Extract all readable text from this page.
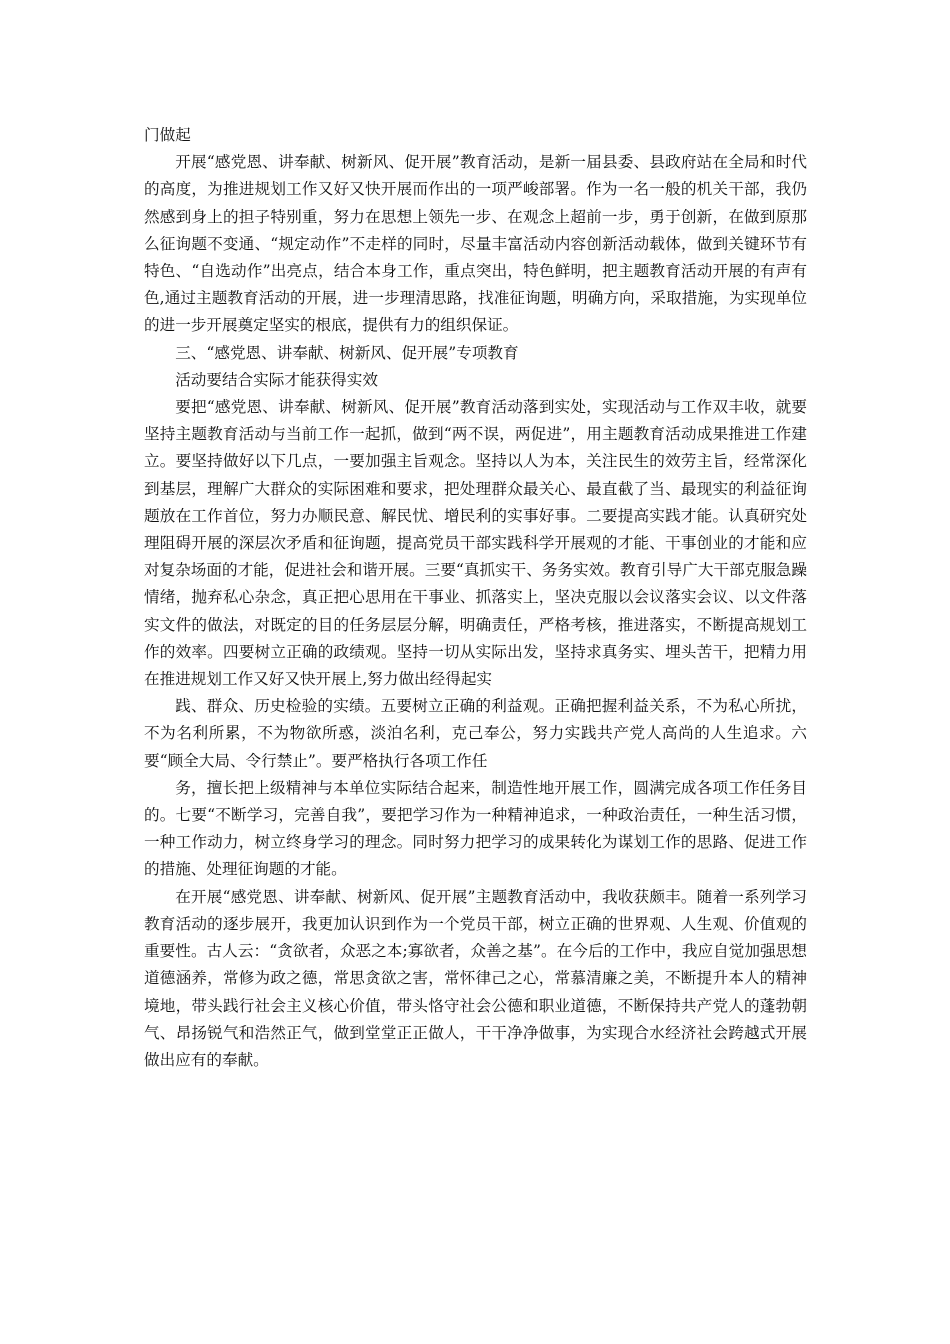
门做起

开展“感党恩、讲奉献、树新风、促开展”教育活动，是新一届县委、县政府站在全局和时代的高度，为推进规划工作又好又快开展而作出的一项严峻部署。作为一名一般的机关干部，我仍然感到身上的担子特别重，努力在思想上领先一步、在观念上超前一步，勇于创新，在做到原那么征询题不变通、“规定动作”不走样的同时，尽量丰富活动内容创新活动载体，做到关键环节有特色、“自选动作”出亮点，结合本身工作，重点突出，特色鲜明，把主题教育活动开展的有声有色,通过主题教育活动的开展，进一步理清思路，找准征询题，明确方向，采取措施，为实现单位的进一步开展奠定坚实的根底，提供有力的组织保证。

三、“感党恩、讲奉献、树新风、促开展”专项教育

活动要结合实际才能获得实效

要把“感党恩、讲奉献、树新风、促开展”教育活动落到实处，实现活动与工作双丰收，就要坚持主题教育活动与当前工作一起抓，做到“两不误，两促进”，用主题教育活动成果推进工作建立。要坚持做好以下几点，一要加强主旨观念。坚持以人为本，关注民生的效劳主旨，经常深化到基层，理解广大群众的实际困难和要求，把处理群众最关心、最直截了当、最现实的利益征询题放在工作首位，努力办顺民意、解民忧、增民利的实事好事。二要提高实践才能。认真研究处理阻碍开展的深层次矛盾和征询题，提高党员干部实践科学开展观的才能、干事创业的才能和应对复杂场面的才能，促进社会和谐开展。三要“真抓实干、务务实效。教育引导广大干部克服急躁情绪，抛弃私心杂念，真正把心思用在干事业、抓落实上，坚决克服以会议落实会议、以文件落实文件的做法，对既定的目的任务层层分解，明确责任，严格考核，推进落实，不断提高规划工作的效率。四要树立正确的政绩观。坚持一切从实际出发，坚持求真务实、埋头苦干，把精力用在推进规划工作又好又快开展上,努力做出经得起实

践、群众、历史检验的实绩。五要树立正确的利益观。正确把握利益关系，不为私心所扰，不为名利所累，不为物欲所惑，淡泊名利，克己奉公，努力实践共产党人高尚的人生追求。六要“顾全大局、令行禁止”。要严格执行各项工作任

务，擅长把上级精神与本单位实际结合起来，制造性地开展工作，圆满完成各项工作任务目的。七要“不断学习，完善自我”，要把学习作为一种精神追求，一种政治责任，一种生活习惯，一种工作动力，树立终身学习的理念。同时努力把学习的成果转化为谋划工作的思路、促进工作的措施、处理征询题的才能。

在开展“感党恩、讲奉献、树新风、促开展”主题教育活动中，我收获颇丰。随着一系列学习教育活动的逐步展开，我更加认识到作为一个党员干部，树立正确的世界观、人生观、价值观的重要性。古人云：“贪欲者，众恶之本;寡欲者，众善之基”。在今后的工作中，我应自觉加强思想道德涵养，常修为政之德，常思贪欲之害，常怀律己之心，常慕清廉之美，不断提升本人的精神境地，带头践行社会主义核心价值，带头恪守社会公德和职业道德，不断保持共产党人的蓬勃朝气、昂扬锐气和浩然正气，做到堂堂正正做人，干干净净做事，为实现合水经济社会跨越式开展做出应有的奉献。
